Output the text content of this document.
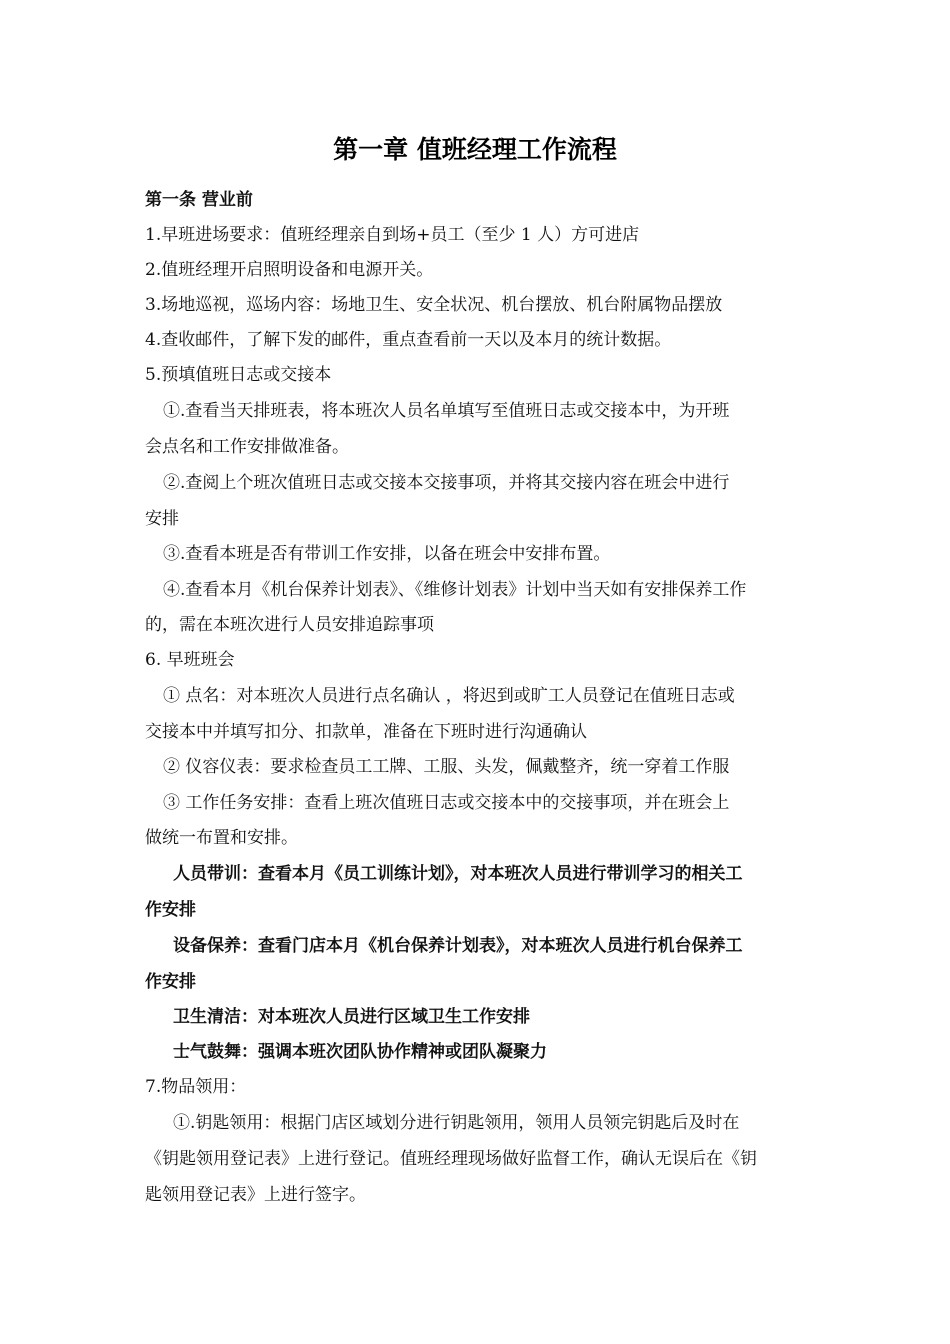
第一章 值班经理工作流程
第一条 营业前
1.早班进场要求：值班经理亲自到场+员工（至少 1 人）方可进店
2.值班经理开启照明设备和电源开关。
3.场地巡视，巡场内容：场地卫生、安全状况、机台摆放、机台附属物品摆放
4.查收邮件，了解下发的邮件，重点查看前一天以及本月的统计数据。
5.预填值班日志或交接本
①.查看当天排班表，将本班次人员名单填写至值班日志或交接本中，为开班
会点名和工作安排做准备。
②.查阅上个班次值班日志或交接本交接事项，并将其交接内容在班会中进行
安排
③.查看本班是否有带训工作安排，以备在班会中安排布置。
④.查看本月《机台保养计划表》、《维修计划表》计划中当天如有安排保养工作
的，需在本班次进行人员安排追踪事项
6. 早班班会
① 点名：对本班次人员进行点名确认 ，将迟到或旷工人员登记在值班日志或
交接本中并填写扣分、扣款单，准备在下班时进行沟通确认
② 仪容仪表：要求检查员工工牌、工服、头发，佩戴整齐，统一穿着工作服
③ 工作任务安排：查看上班次值班日志或交接本中的交接事项，并在班会上
做统一布置和安排。
人员带训：查看本月《员工训练计划》，对本班次人员进行带训学习的相关工
作安排
设备保养：查看门店本月《机台保养计划表》，对本班次人员进行机台保养工
作安排
卫生清洁：对本班次人员进行区域卫生工作安排
士气鼓舞：强调本班次团队协作精神或团队凝聚力
7.物品领用：
①.钥匙领用：根据门店区域划分进行钥匙领用，领用人员领完钥匙后及时在
《钥匙领用登记表》上进行登记。值班经理现场做好监督工作，确认无误后在《钥
匙领用登记表》上进行签字。
